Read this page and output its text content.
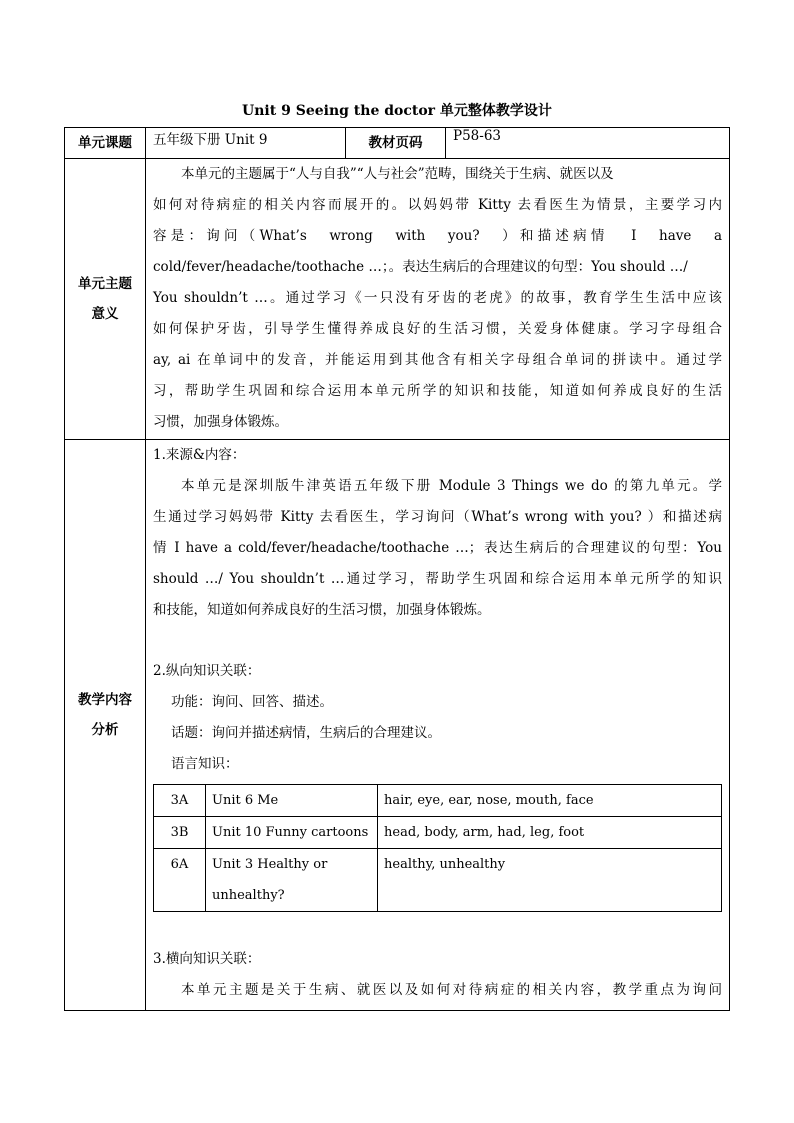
Unit 9 Seeing the doctor 单元整体教学设计
单元课题	五年级下册 Unit 9	教材页码	P58-63

单元主题
意义

本单元的主题属于“人与自我”“人与社会”范畴，围绕关于生病、就医以及
如何对待病症的相关内容而展开的。以妈妈带 Kitty 去看医生为情景，主要学习内
容是：询问（What’s wrong with you? ）和描述病情 I have a
cold/fever/headache/toothache …；。表达生病后的合理建议的句型：You should …/
You shouldn’t …。通过学习《一只没有牙齿的老虎》的故事，教育学生生活中应该
如何保护牙齿，引导学生懂得养成良好的生活习惯，关爱身体健康。学习字母组合
ay, ai 在单词中的发音，并能运用到其他含有相关字母组合单词的拼读中。通过学
习，帮助学生巩固和综合运用本单元所学的知识和技能，知道如何养成良好的生活
习惯，加强身体锻炼。

教学内容
分析

1.来源&内容：
本单元是深圳版牛津英语五年级下册 Module 3 Things we do 的第九单元。学
生通过学习妈妈带 Kitty 去看医生，学习询问（What’s wrong with you? ）和描述病
情 I have a cold/fever/headache/toothache …；表达生病后的合理建议的句型：You
should …/ You shouldn’t …通过学习，帮助学生巩固和综合运用本单元所学的知识
和技能，知道如何养成良好的生活习惯，加强身体锻炼。
2.纵向知识关联：
功能：询问、回答、描述。
话题：询问并描述病情，生病后的合理建议。
语言知识：
3A	Unit 6 Me	hair, eye, ear, nose, mouth, face
3B	Unit 10 Funny cartoons	head, body, arm, had, leg, foot
6A	Unit 3 Healthy or unhealthy?	healthy, unhealthy
3.横向知识关联：
本单元主题是关于生病、就医以及如何对待病症的相关内容，教学重点为询问
